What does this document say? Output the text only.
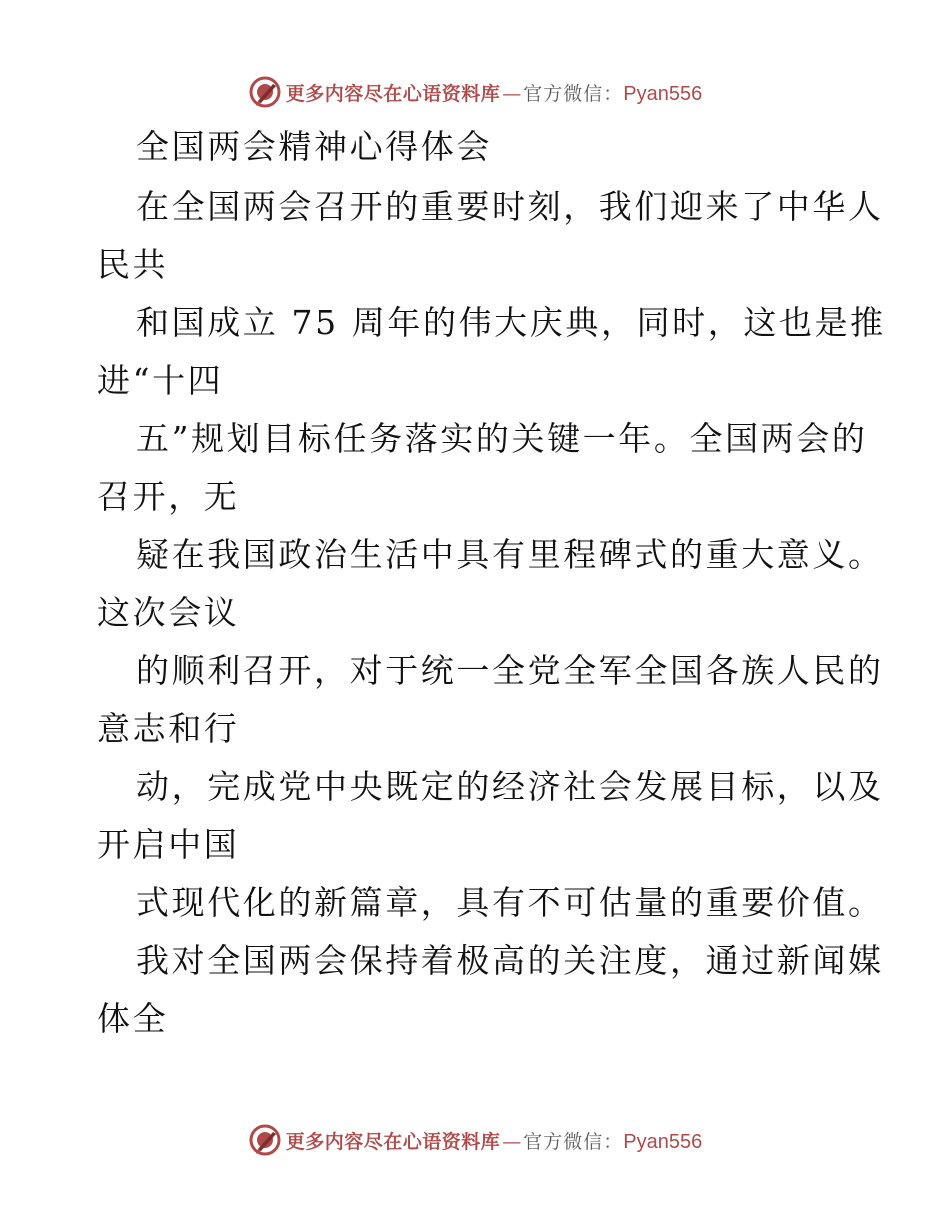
更多内容尽在心语资料库 — 官方微信： Pyan556
全国两会精神心得体会
在全国两会召开的重要时刻，我们迎来了中华人
民共
和国成立 75 周年的伟大庆典，同时，这也是推
进“十四
五”规划目标任务落实的关键一年。全国两会的
召开，无
疑在我国政治生活中具有里程碑式的重大意义。
这次会议
的顺利召开，对于统一全党全军全国各族人民的
意志和行
动，完成党中央既定的经济社会发展目标，以及
开启中国
式现代化的新篇章，具有不可估量的重要价值。
我对全国两会保持着极高的关注度，通过新闻媒
体全
更多内容尽在心语资料库 — 官方微信： Pyan556
